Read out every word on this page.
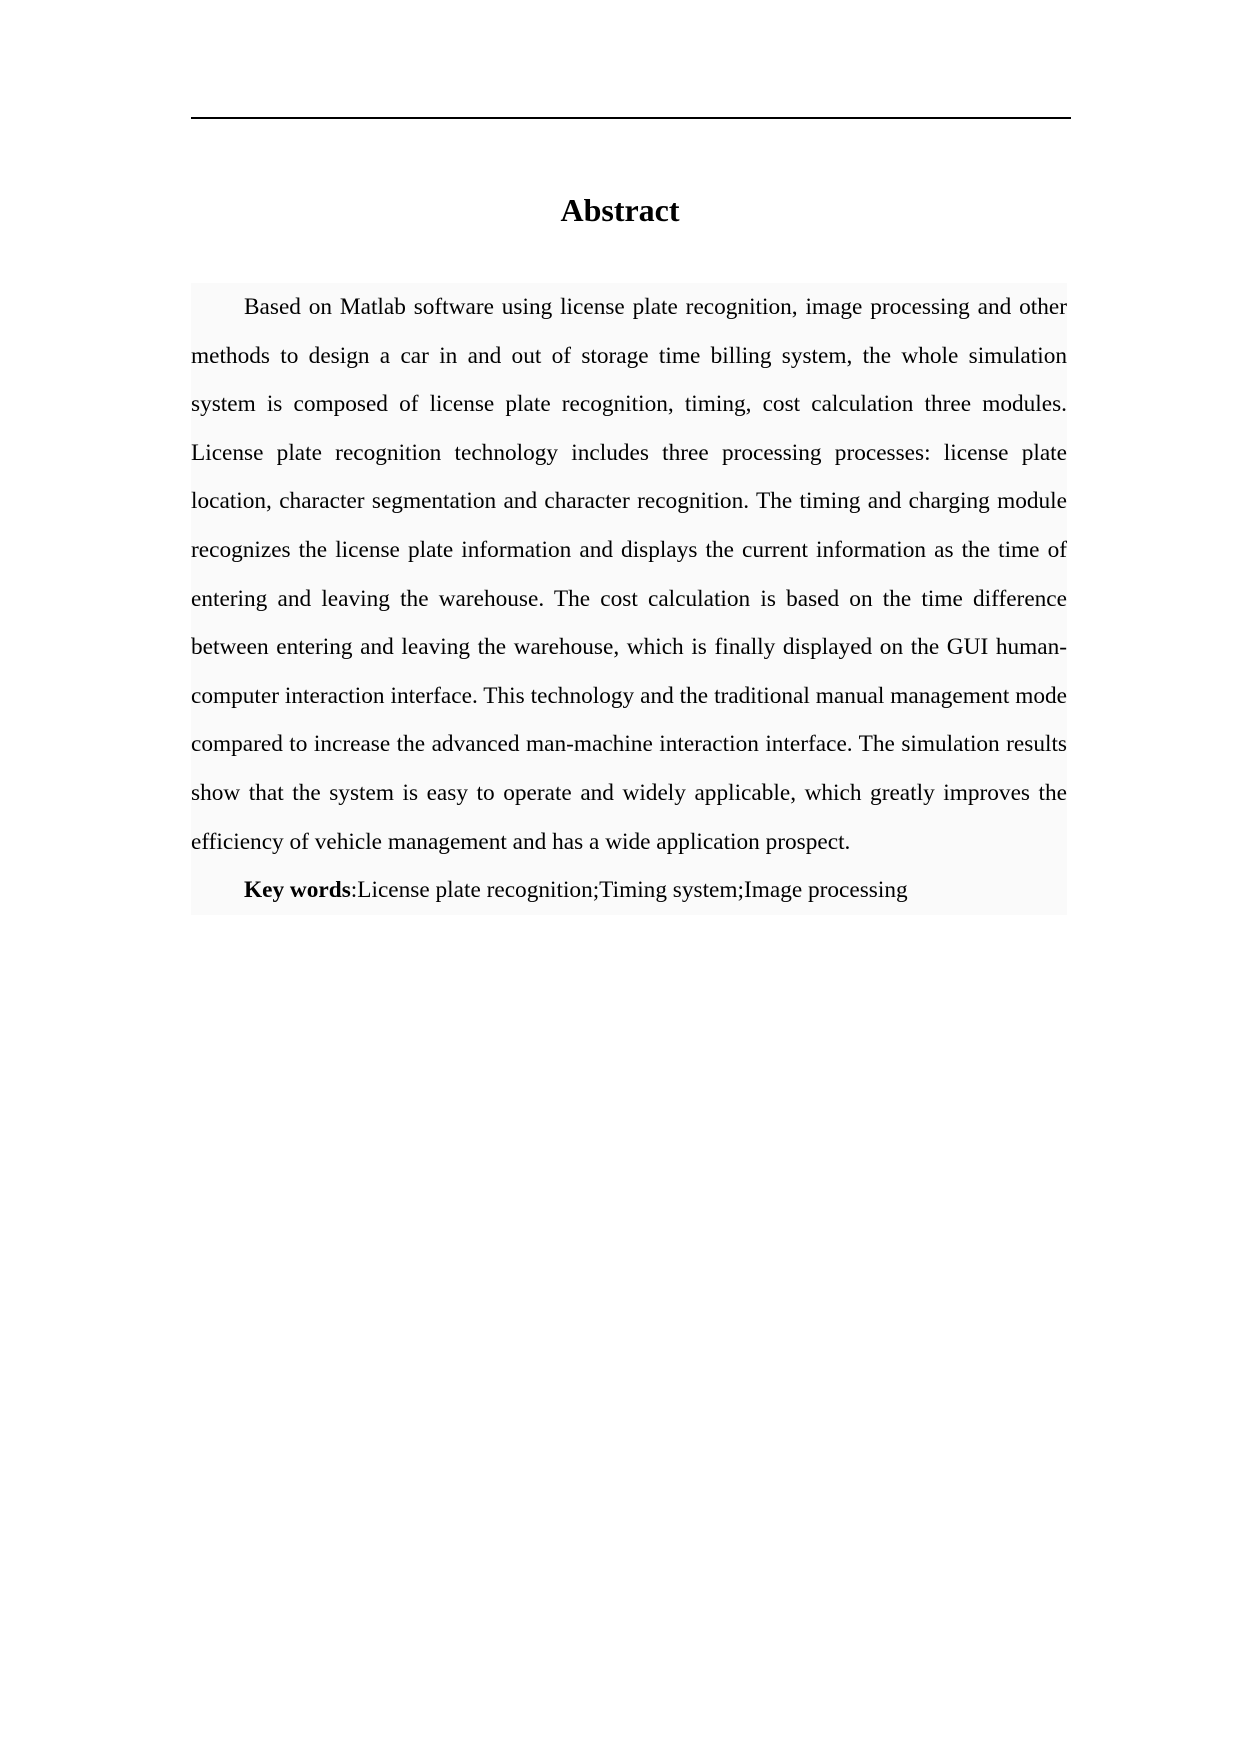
Abstract

Based on Matlab software using license plate recognition, image processing and other methods to design a car in and out of storage time billing system, the whole simulation system is composed of license plate recognition, timing, cost calculation three modules. License plate recognition technology includes three processing processes: license plate location, character segmentation and character recognition. The timing and charging module recognizes the license plate information and displays the current information as the time of entering and leaving the warehouse. The cost calculation is based on the time difference between entering and leaving the warehouse, which is finally displayed on the GUI human-computer interaction interface. This technology and the traditional manual management mode compared to increase the advanced man-machine interaction interface. The simulation results show that the system is easy to operate and widely applicable, which greatly improves the efficiency of vehicle management and has a wide application prospect.

Key words:License plate recognition;Timing system;Image processing
